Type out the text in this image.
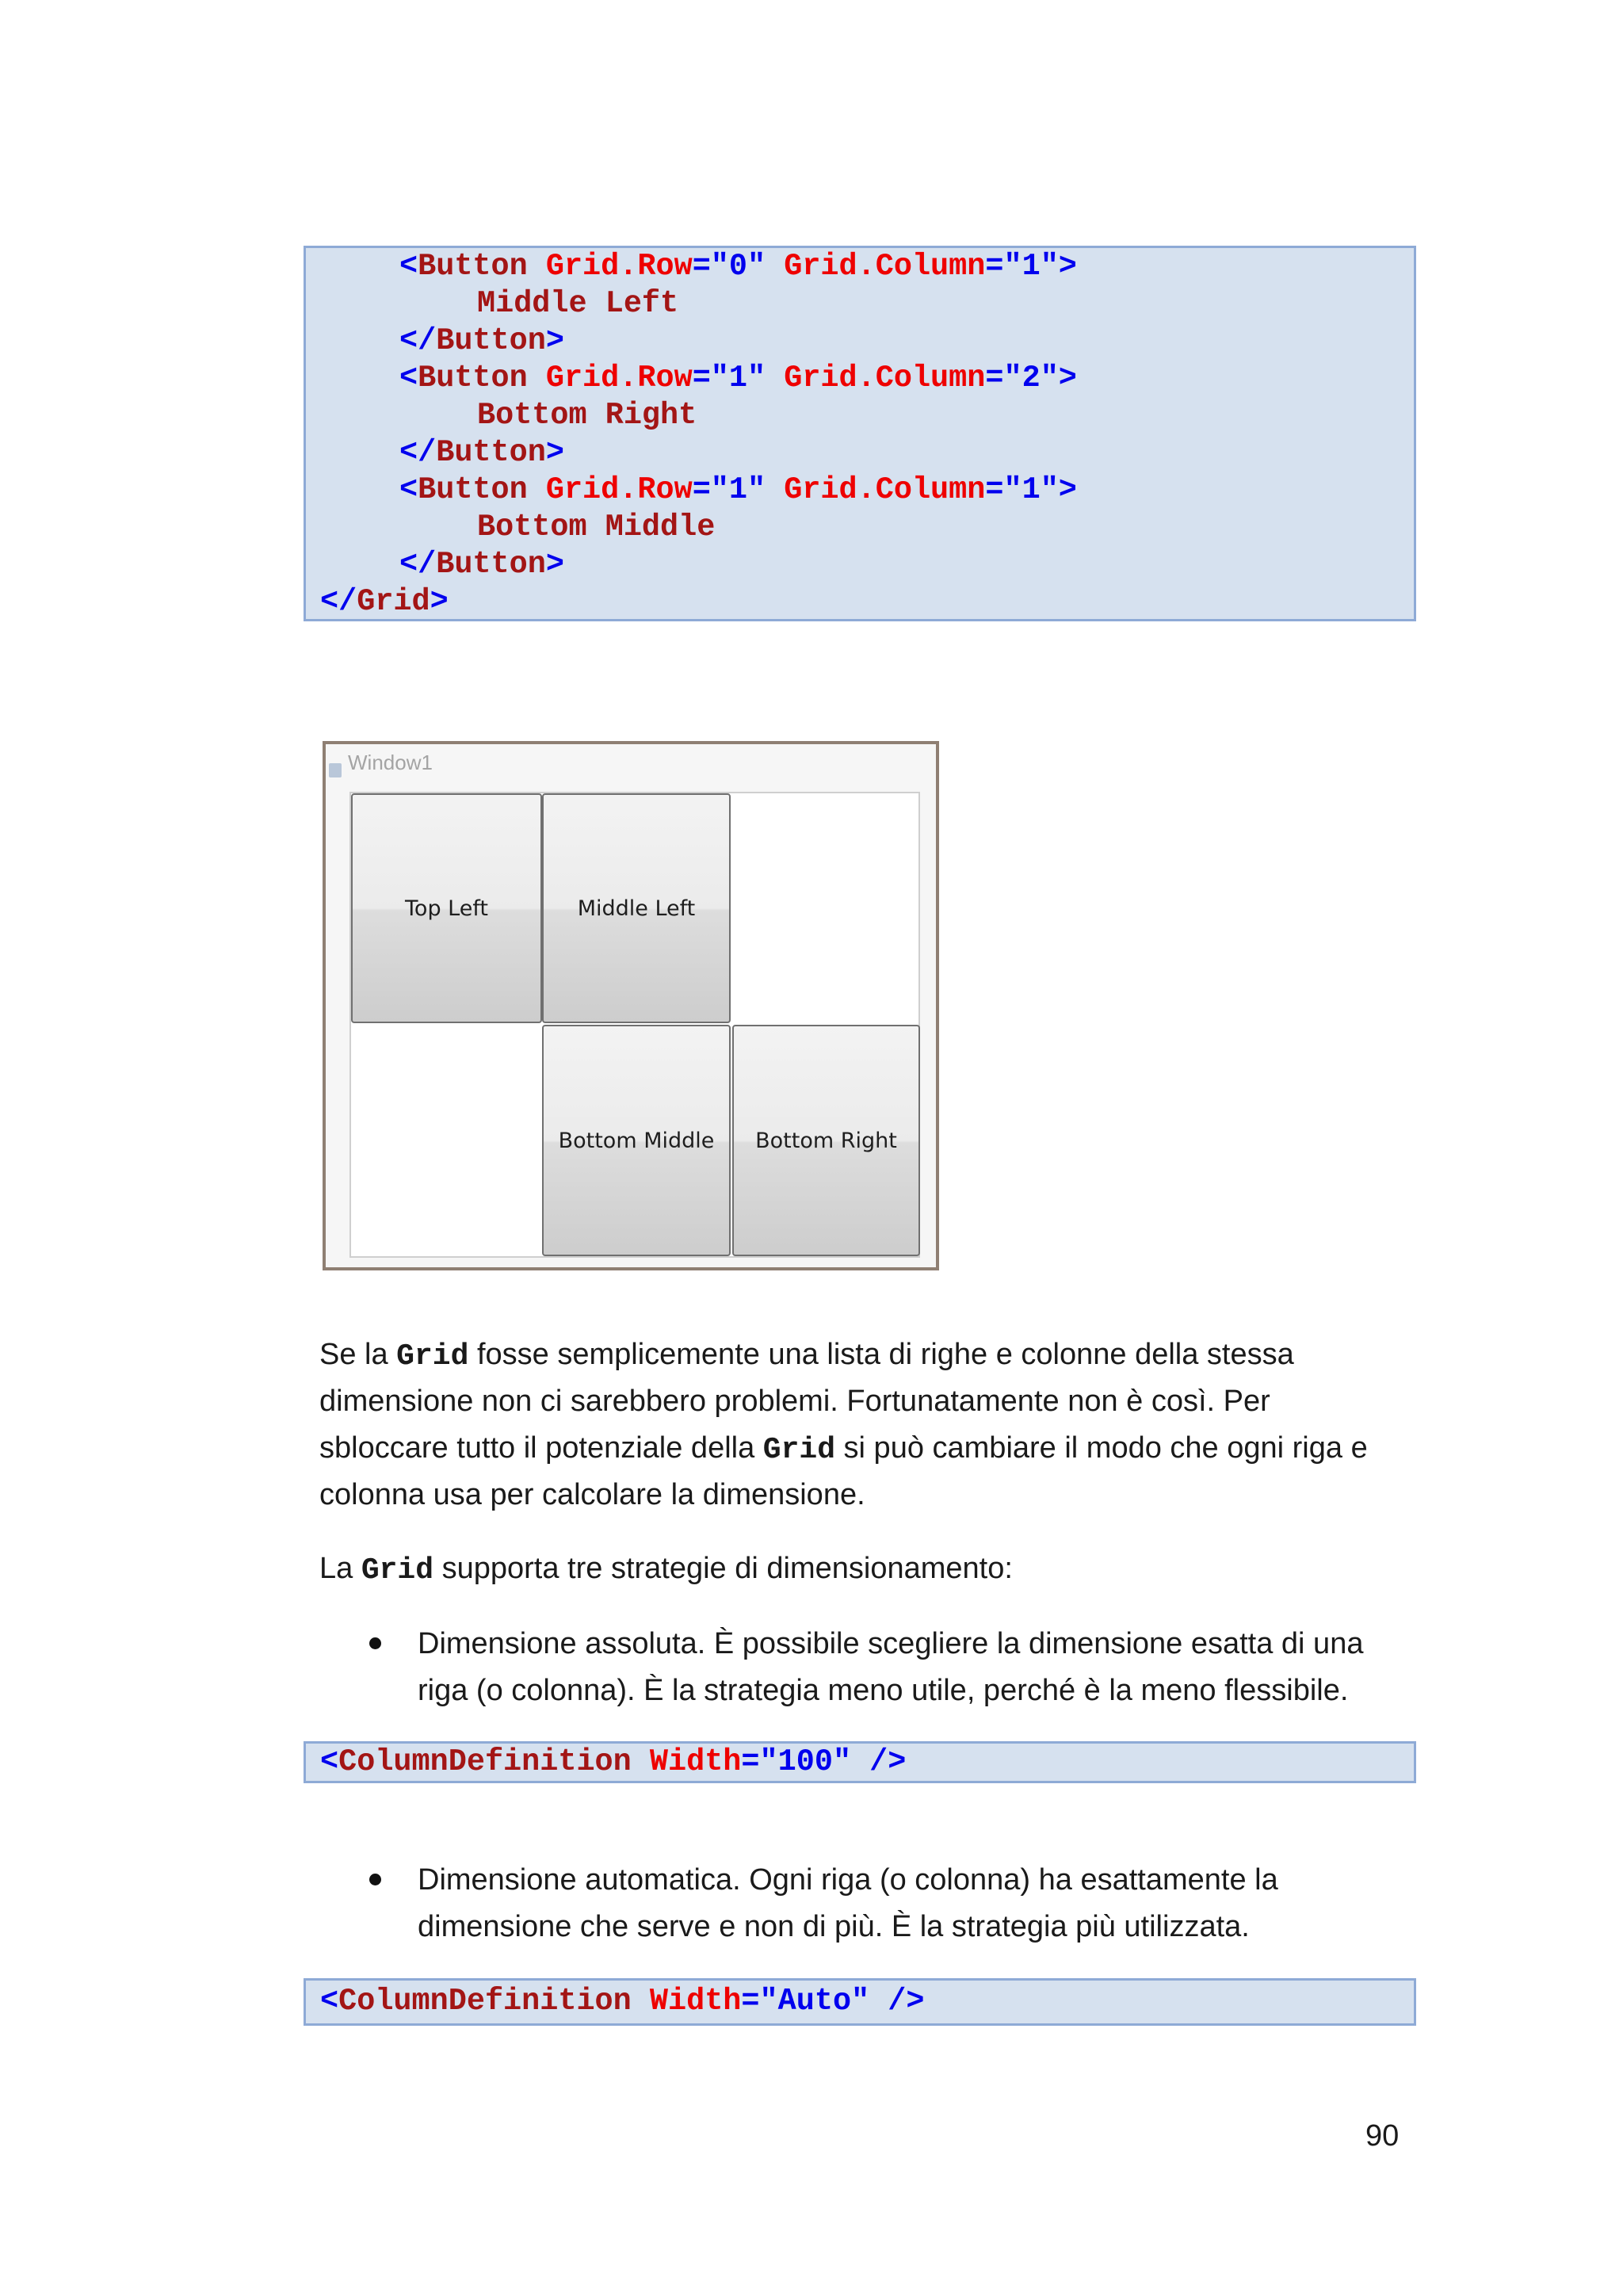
<Button Grid.Row="0" Grid.Column="1">
Middle Left
</Button>
<Button Grid.Row="1" Grid.Column="2">
Bottom Right
</Button>
<Button Grid.Row="1" Grid.Column="1">
Bottom Middle
</Button>
</Grid>
Window1
Top Left	Middle Left
Bottom Middle	Bottom Right
Se la Grid fosse semplicemente una lista di righe e colonne della stessa
dimensione non ci sarebbero problemi. Fortunatamente non è così. Per
sbloccare tutto il potenziale della Grid si può cambiare il modo che ogni riga e
colonna usa per calcolare la dimensione.
La Grid supporta tre strategie di dimensionamento:
Dimensione assoluta. È possibile scegliere la dimensione esatta di una
riga (o colonna). È la strategia meno utile, perché è la meno flessibile.
<ColumnDefinition Width="100" />
Dimensione automatica. Ogni riga (o colonna) ha esattamente la
dimensione che serve e non di più. È la strategia più utilizzata.
<ColumnDefinition Width="Auto" />
90
